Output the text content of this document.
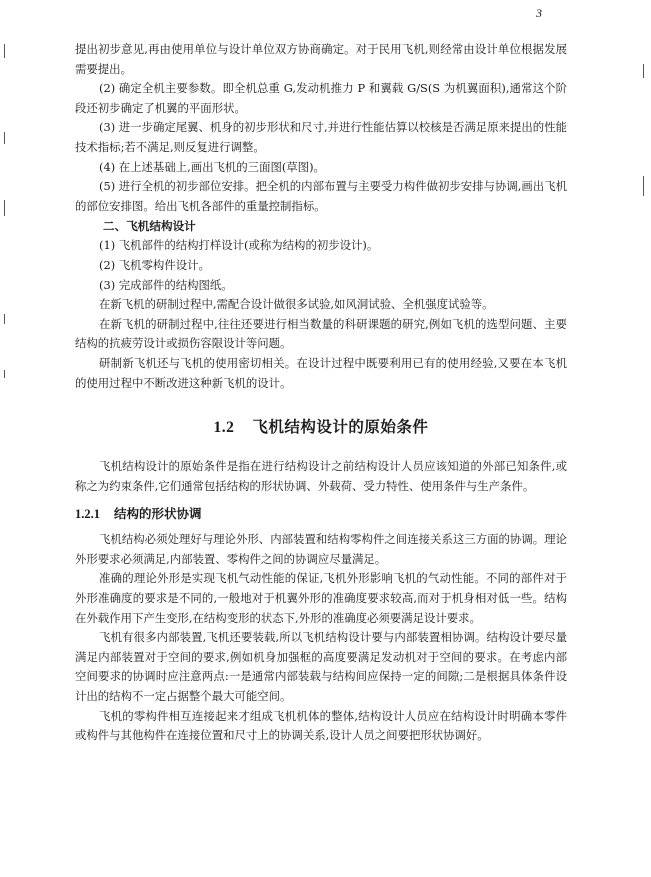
3

提出初步意见,再由使用单位与设计单位双方协商确定。对于民用飞机,则经常由设计单位根据发展需要提出。

(2) 确定全机主要参数。即全机总重 G,发动机推力 P 和翼载 G/S(S 为机翼面积),通常这个阶段还初步确定了机翼的平面形状。

(3) 进一步确定尾翼、机身的初步形状和尺寸,并进行性能估算以校核是否满足原来提出的性能技术指标;若不满足,则反复进行调整。

(4) 在上述基础上,画出飞机的三面图(草图)。

(5) 进行全机的初步部位安排。把全机的内部布置与主要受力构件做初步安排与协调,画出飞机的部位安排图。给出飞机各部件的重量控制指标。

二、飞机结构设计

(1) 飞机部件的结构打样设计(或称为结构的初步设计)。

(2) 飞机零构件设计。

(3) 完成部件的结构图纸。

在新飞机的研制过程中,需配合设计做很多试验,如风洞试验、全机强度试验等。

在新飞机的研制过程中,往往还要进行相当数量的科研课题的研究,例如飞机的选型问题、主要结构的抗疲劳设计或损伤容限设计等问题。

研制新飞机还与飞机的使用密切相关。在设计过程中既要利用已有的使用经验,又要在本飞机的使用过程中不断改进这种新飞机的设计。

1.2 飞机结构设计的原始条件

飞机结构设计的原始条件是指在进行结构设计之前结构设计人员应该知道的外部已知条件,或称之为约束条件,它们通常包括结构的形状协调、外载荷、受力特性、使用条件与生产条件。

1.2.1 结构的形状协调

飞机结构必须处理好与理论外形、内部装置和结构零构件之间连接关系这三方面的协调。理论外形要求必须满足,内部装置、零构件之间的协调应尽量满足。

准确的理论外形是实现飞机气动性能的保证,飞机外形影响飞机的气动性能。不同的部件对于外形准确度的要求是不同的,一般地对于机翼外形的准确度要求较高,而对于机身相对低一些。结构在外载作用下产生变形,在结构变形的状态下,外形的准确度必须要满足设计要求。

飞机有很多内部装置,飞机还要装载,所以飞机结构设计要与内部装置相协调。结构设计要尽量满足内部装置对于空间的要求,例如机身加强框的高度要满足发动机对于空间的要求。在考虑内部空间要求的协调时应注意两点:一是通常内部装载与结构间应保持一定的间隙;二是根据具体条件设计出的结构不一定占据整个最大可能空间。

飞机的零构件相互连接起来才组成飞机机体的整体,结构设计人员应在结构设计时明确本零件或构件与其他构件在连接位置和尺寸上的协调关系,设计人员之间要把形状协调好。
